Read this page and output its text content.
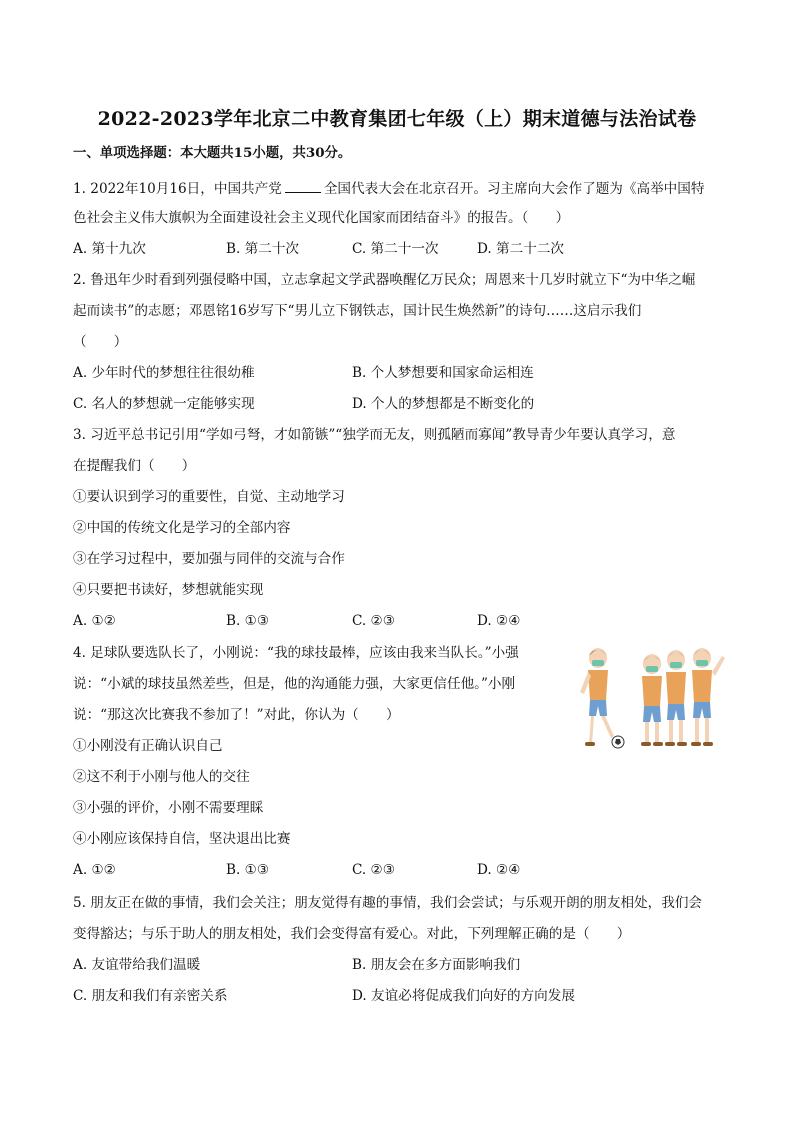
2022-2023学年北京二中教育集团七年级（上）期末道德与法治试卷
一、单项选择题：本大题共15小题，共30分。
1. 2022年10月16日，中国共产党	全国代表大会在北京召开。习主席向大会作了题为《高举中国特
色社会主义伟大旗帜为全面建设社会主义现代化国家而团结奋斗》的报告。（　　）
A. 第十九次	B. 第二十次	C. 第二十一次	D. 第二十二次
2. 鲁迅年少时看到列强侵略中国，立志拿起文学武器唤醒亿万民众；周恩来十几岁时就立下“为中华之崛
起而读书”的志愿；邓恩铭16岁写下“男儿立下钢铁志，国计民生焕然新”的诗句……这启示我们
（　　）
A. 少年时代的梦想往往很幼稚	B. 个人梦想要和国家命运相连
C. 名人的梦想就一定能够实现	D. 个人的梦想都是不断变化的
3. 习近平总书记引用“学如弓弩，才如箭镞”“独学而无友，则孤陋而寡闻”教导青少年要认真学习，意
在提醒我们（　　）
①要认识到学习的重要性，自觉、主动地学习
②中国的传统文化是学习的全部内容
③在学习过程中，要加强与同伴的交流与合作
④只要把书读好，梦想就能实现
A. ①②	B. ①③	C. ②③	D. ②④
4. 足球队要选队长了，小刚说：“我的球技最棒，应该由我来当队长。”小强
说：“小斌的球技虽然差些，但是，他的沟通能力强，大家更信任他。”小刚
说：“那这次比赛我不参加了！”对此，你认为（　　）
①小刚没有正确认识自己
②这不利于小刚与他人的交往
③小强的评价，小刚不需要理睬
④小刚应该保持自信，坚决退出比赛
A. ①②	B. ①③	C. ②③	D. ②④
5. 朋友正在做的事情，我们会关注；朋友觉得有趣的事情，我们会尝试；与乐观开朗的朋友相处，我们会
变得豁达；与乐于助人的朋友相处，我们会变得富有爱心。对此，下列理解正确的是（　　）
A. 友谊带给我们温暖	B. 朋友会在多方面影响我们
C. 朋友和我们有亲密关系	D. 友谊必将促成我们向好的方向发展
